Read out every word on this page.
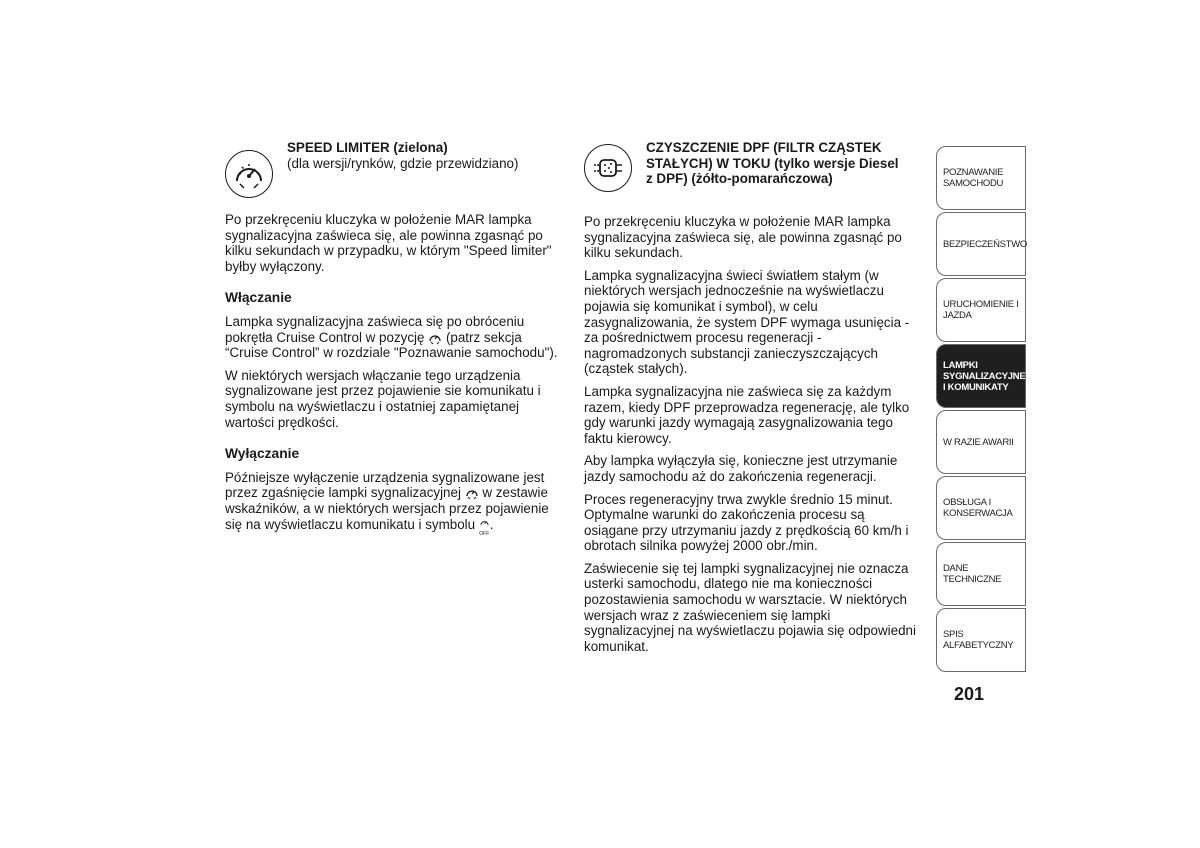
SPEED LIMITER (zielona)
(dla wersji/rynków, gdzie przewidziano)

Po przekręceniu kluczyka w położenie MAR lampka sygnalizacyjna zaświeca się, ale powinna zgasnąć po kilku sekundach w przypadku, w którym "Speed limiter" byłby wyłączony.

Włączanie

Lampka sygnalizacyjna zaświeca się po obróceniu pokrętła Cruise Control w pozycję (patrz sekcja “Cruise Control” w rozdziale "Poznawanie samochodu").

W niektórych wersjach włączanie tego urządzenia sygnalizowane jest przez pojawienie sie komunikatu i symbolu na wyświetlaczu i ostatniej zapamiętanej wartości prędkości.

Wyłączanie

Późniejsze wyłączenie urządzenia sygnalizowane jest przez zgaśnięcie lampki sygnalizacyjnej w zestawie wskaźników, a w niektórych wersjach przez pojawienie się na wyświetlaczu komunikatu i symbolu
OFF.

CZYSZCZENIE DPF (FILTR CZĄSTEK STAŁYCH) W TOKU (tylko wersje Diesel z DPF) (żółto-pomarańczowa)

Po przekręceniu kluczyka w położenie MAR lampka sygnalizacyjna zaświeca się, ale powinna zgasnąć po kilku sekundach.

Lampka sygnalizacyjna świeci światłem stałym (w niektórych wersjach jednocześnie na wyświetlaczu pojawia się komunikat i symbol), w celu zasygnalizowania, że system DPF wymaga usunięcia - za pośrednictwem procesu regeneracji - nagromadzonych substancji zanieczyszczających (cząstek stałych).

Lampka sygnalizacyjna nie zaświeca się za każdym razem, kiedy DPF przeprowadza regenerację, ale tylko gdy warunki jazdy wymagają zasygnalizowania tego faktu kierowcy.

Aby lampka wyłączyła się, konieczne jest utrzymanie jazdy samochodu aż do zakończenia regeneracji.

Proces regeneracyjny trwa zwykle średnio 15 minut. Optymalne warunki do zakończenia procesu są osiągane przy utrzymaniu jazdy z prędkością 60 km/h i obrotach silnika powyżej 2000 obr./min.

Zaświecenie się tej lampki sygnalizacyjnej nie oznacza usterki samochodu, dlatego nie ma konieczności pozostawienia samochodu w warsztacie. W niektórych wersjach wraz z zaświeceniem się lampki sygnalizacyjnej na wyświetlaczu pojawia się odpowiedni komunikat.

POZNAWANIE SAMOCHODU
BEZPIECZEŃSTWO
URUCHOMIENIE I JAZDA
LAMPKI SYGNALIZACYJNE I KOMUNIKATY
W RAZIE AWARII
OBSŁUGA I KONSERWACJA
DANE TECHNICZNE
SPIS ALFABETYCZNY
201
